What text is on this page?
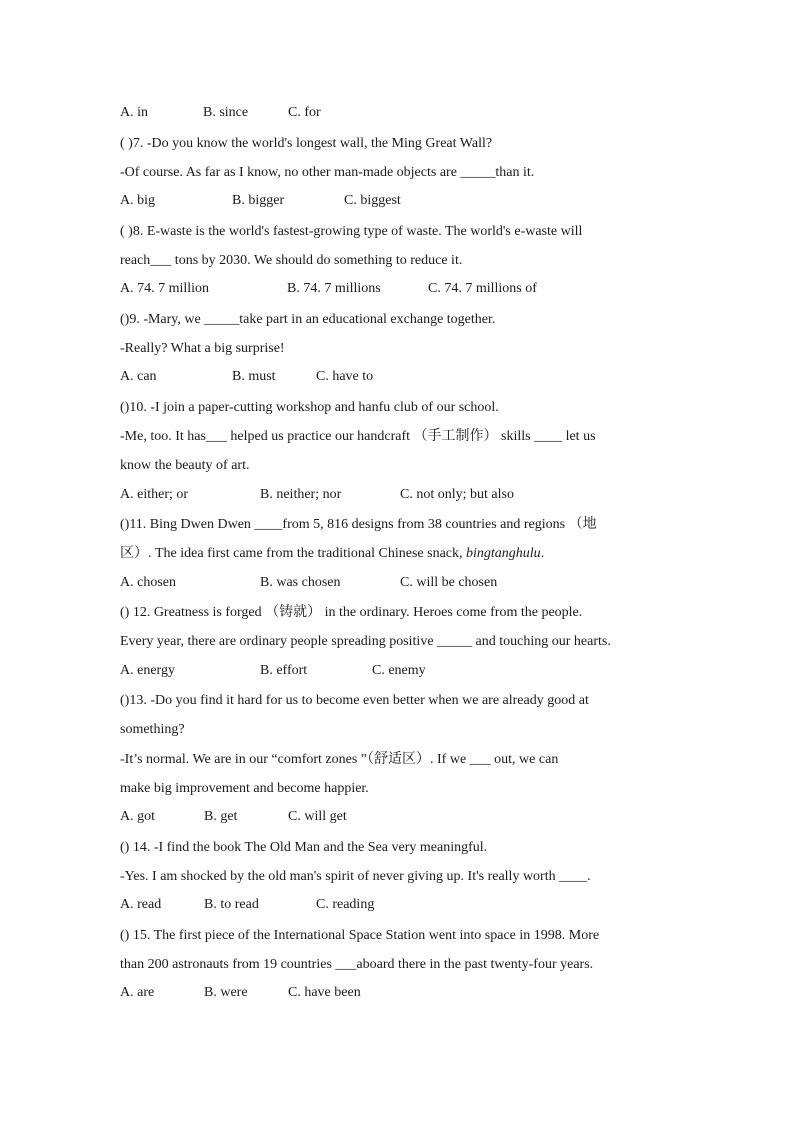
A. in	B. since	C. for
( )7. -Do you know the world's longest wall, the Ming Great Wall?
-Of course. As far as I know, no other man-made objects are _____than it.
A. big	B. bigger	C. biggest
( )8. E-waste is the world's fastest-growing type of waste. The world's e-waste will
reach___ tons by 2030. We should do something to reduce it.
A. 74. 7 million	B. 74. 7 millions	C. 74. 7 millions of
()9. -Mary, we _____take part in an educational exchange together.
-Really? What a big surprise!
A. can	B. must	C. have to
()10. -I join a paper-cutting workshop and hanfu club of our school.
-Me, too. It has___ helped us practice our handcraft （手工制作） skills ____ let us
know the beauty of art.
A. either; or	B. neither; nor	C. not only; but also
()11. Bing Dwen Dwen ____from 5, 816 designs from 38 countries and regions （地
区）. The idea first came from the traditional Chinese snack, bingtanghulu.
A. chosen	B. was chosen	C. will be chosen
() 12. Greatness is forged （铸就） in the ordinary. Heroes come from the people.
Every year, there are ordinary people spreading positive _____ and touching our hearts.
A. energy	B. effort	C. enemy
()13. -Do you find it hard for us to become even better when we are already good at
something?
-It’s normal. We are in our “comfort zones ”（舒适区）. If we ___ out, we can
make big improvement and become happier.
A. got	B. get	C. will get
() 14. -I find the book The Old Man and the Sea very meaningful.
-Yes. I am shocked by the old man's spirit of never giving up. It's really worth ____.
A. read	B. to read	C. reading
() 15. The first piece of the International Space Station went into space in 1998. More
than 200 astronauts from 19 countries ___aboard there in the past twenty-four years.
A. are	B. were	C. have been
